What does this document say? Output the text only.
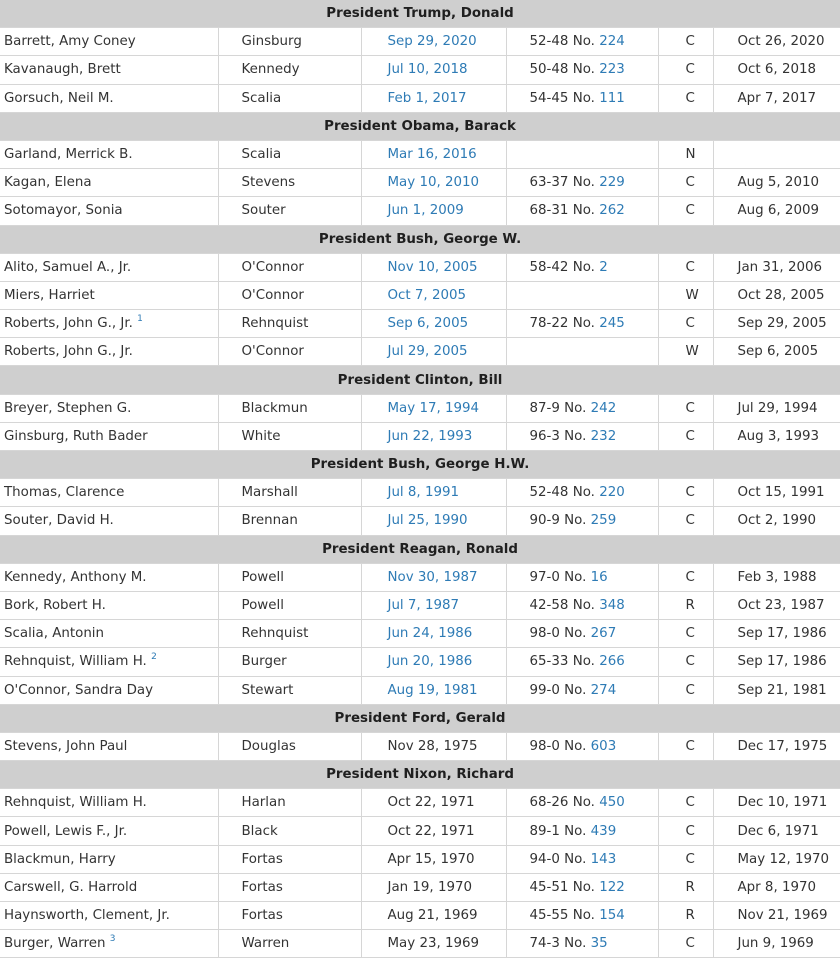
President Trump, Donald					
Barrett, Amy Coney	Ginsburg	Sep 29, 2020	52-48 No. 224	C	Oct 26, 2020
Kavanaugh, Brett	Kennedy	Jul 10, 2018	50-48 No. 223	C	Oct 6, 2018
Gorsuch, Neil M.	Scalia	Feb 1, 2017	54-45 No. 111	C	Apr 7, 2017
President Obama, Barack					
Garland, Merrick B.	Scalia	Mar 16, 2016		N	
Kagan, Elena	Stevens	May 10, 2010	63-37 No. 229	C	Aug 5, 2010
Sotomayor, Sonia	Souter	Jun 1, 2009	68-31 No. 262	C	Aug 6, 2009
President Bush, George W.					
Alito, Samuel A., Jr.	O'Connor	Nov 10, 2005	58-42 No. 2	C	Jan 31, 2006
Miers, Harriet	O'Connor	Oct 7, 2005		W	Oct 28, 2005
Roberts, John G., Jr. $^1$	Rehnquist	Sep 6, 2005	78-22 No. 245	C	Sep 29, 2005
Roberts, John G., Jr.	O'Connor	Jul 29, 2005		W	Sep 6, 2005
President Clinton, Bill					
Breyer, Stephen G.	Blackmun	May 17, 1994	87-9 No. 242	C	Jul 29, 1994
Ginsburg, Ruth Bader	White	Jun 22, 1993	96-3 No. 232	C	Aug 3, 1993
President Bush, George H.W.					
Thomas, Clarence	Marshall	Jul 8, 1991	52-48 No. 220	C	Oct 15, 1991
Souter, David H.	Brennan	Jul 25, 1990	90-9 No. 259	C	Oct 2, 1990
President Reagan, Ronald					
Kennedy, Anthony M.	Powell	Nov 30, 1987	97-0 No. 16	C	Feb 3, 1988
Bork, Robert H.	Powell	Jul 7, 1987	42-58 No. 348	R	Oct 23, 1987
Scalia, Antonin	Rehnquist	Jun 24, 1986	98-0 No. 267	C	Sep 17, 1986
Rehnquist, William H. $^2$	Burger	Jun 20, 1986	65-33 No. 266	C	Sep 17, 1986
O'Connor, Sandra Day	Stewart	Aug 19, 1981	99-0 No. 274	C	Sep 21, 1981
President Ford, Gerald					
Stevens, John Paul	Douglas	Nov 28, 1975	98-0 No. 603	C	Dec 17, 1975
President Nixon, Richard					
Rehnquist, William H.	Harlan	Oct 22, 1971	68-26 No. 450	C	Dec 10, 1971
Powell, Lewis F., Jr.	Black	Oct 22, 1971	89-1 No. 439	C	Dec 6, 1971
Blackmun, Harry	Fortas	Apr 15, 1970	94-0 No. 143	C	May 12, 1970
Carswell, G. Harrold	Fortas	Jan 19, 1970	45-51 No. 122	R	Apr 8, 1970
Haynsworth, Clement, Jr.	Fortas	Aug 21, 1969	45-55 No. 154	R	Nov 21, 1969
Burger, Warren $^3$	Warren	May 23, 1969	74-3 No. 35	C	Jun 9, 1969
